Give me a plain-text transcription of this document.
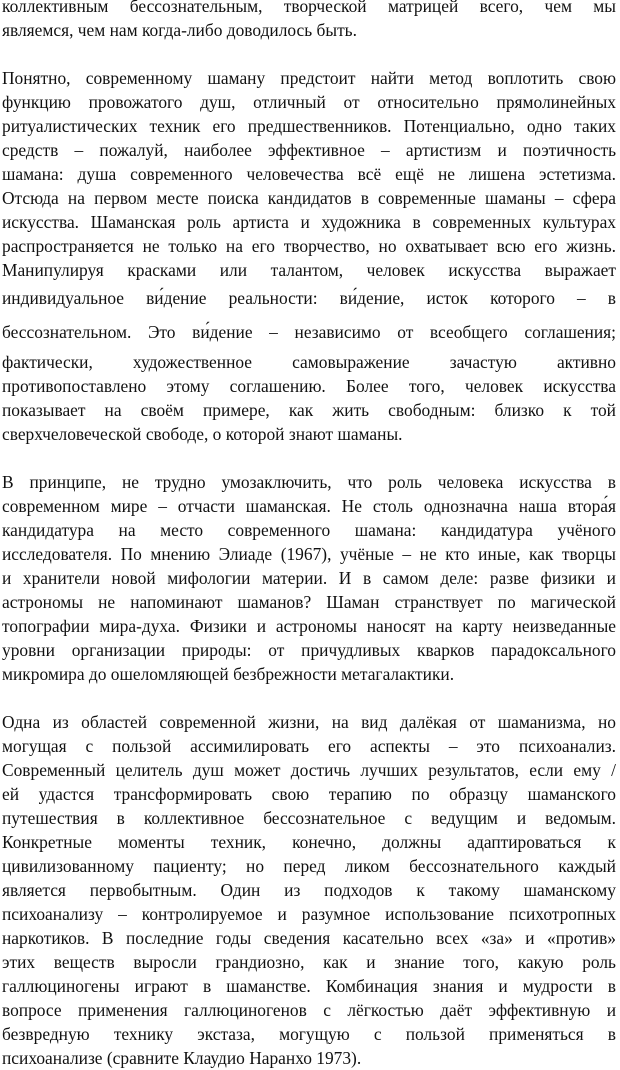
коллективным бессознательным, творческой матрицей всего, чем мы
являемся, чем нам когда-либо доводилось быть.
Понятно, современному шаману предстоит найти метод воплотить свою
функцию провожатого душ, отличный от относительно прямолинейных
ритуалистических техник его предшественников. Потенциально, одно таких
средств – пожалуй, наиболее эффективное – артистизм и поэтичность
шамана: душа современного человечества всё ещё не лишена эстетизма.
Отсюда на первом месте поиска кандидатов в современные шаманы – сфера
искусства. Шаманская роль артиста и художника в современных культурах
распространяется не только на его творчество, но охватывает всю его жизнь.
Манипулируя красками или талантом, человек искусства выражает
индивидуальное ви́дение реальности: ви́дение, исток которого – в
бессознательном. Это ви́дение – независимо от всеобщего соглашения;
фактически, художественное самовыражение зачастую активно
противопоставлено этому соглашению. Более того, человек искусства
показывает на своём примере, как жить свободным: близко к той
сверхчеловеческой свободе, о которой знают шаманы.
В принципе, не трудно умозаключить, что роль человека искусства в
современном мире – отчасти шаманская. Не столь однозначна наша втора́я
кандидатура на место современного шамана: кандидатура учёного
исследователя. По мнению Элиаде (1967), учёные – не кто иные, как творцы
и хранители новой мифологии материи. И в самом деле: разве физики и
астрономы не напоминают шаманов? Шаман странствует по магической
топографии мира-духа. Физики и астрономы наносят на карту неизведанные
уровни организации природы: от причудливых кварков парадоксального
микромира до ошеломляющей безбрежности метагалактики.
Одна из областей современной жизни, на вид далёкая от шаманизма, но
могущая с пользой ассимилировать его аспекты – это психоанализ.
Современный целитель душ может достичь лучших результатов, если ему /
ей удастся трансформировать свою терапию по образцу шаманского
путешествия в коллективное бессознательное с ведущим и ведомым.
Конкретные моменты техник, конечно, должны адаптироваться к
цивилизованному пациенту; но перед ликом бессознательного каждый
является первобытным. Один из подходов к такому шаманскому
психоанализу – контролируемое и разумное использование психотропных
наркотиков. В последние годы сведения касательно всех «за» и «против»
этих веществ выросли грандиозно, как и знание того, какую роль
галлюциногены играют в шаманстве. Комбинация знания и мудрости в
вопросе применения галлюциногенов с лёгкостью даёт эффективную и
безвредную технику экстаза, могущую с пользой применяться в
психоанализе (сравните Клаудио Наранхо 1973).
